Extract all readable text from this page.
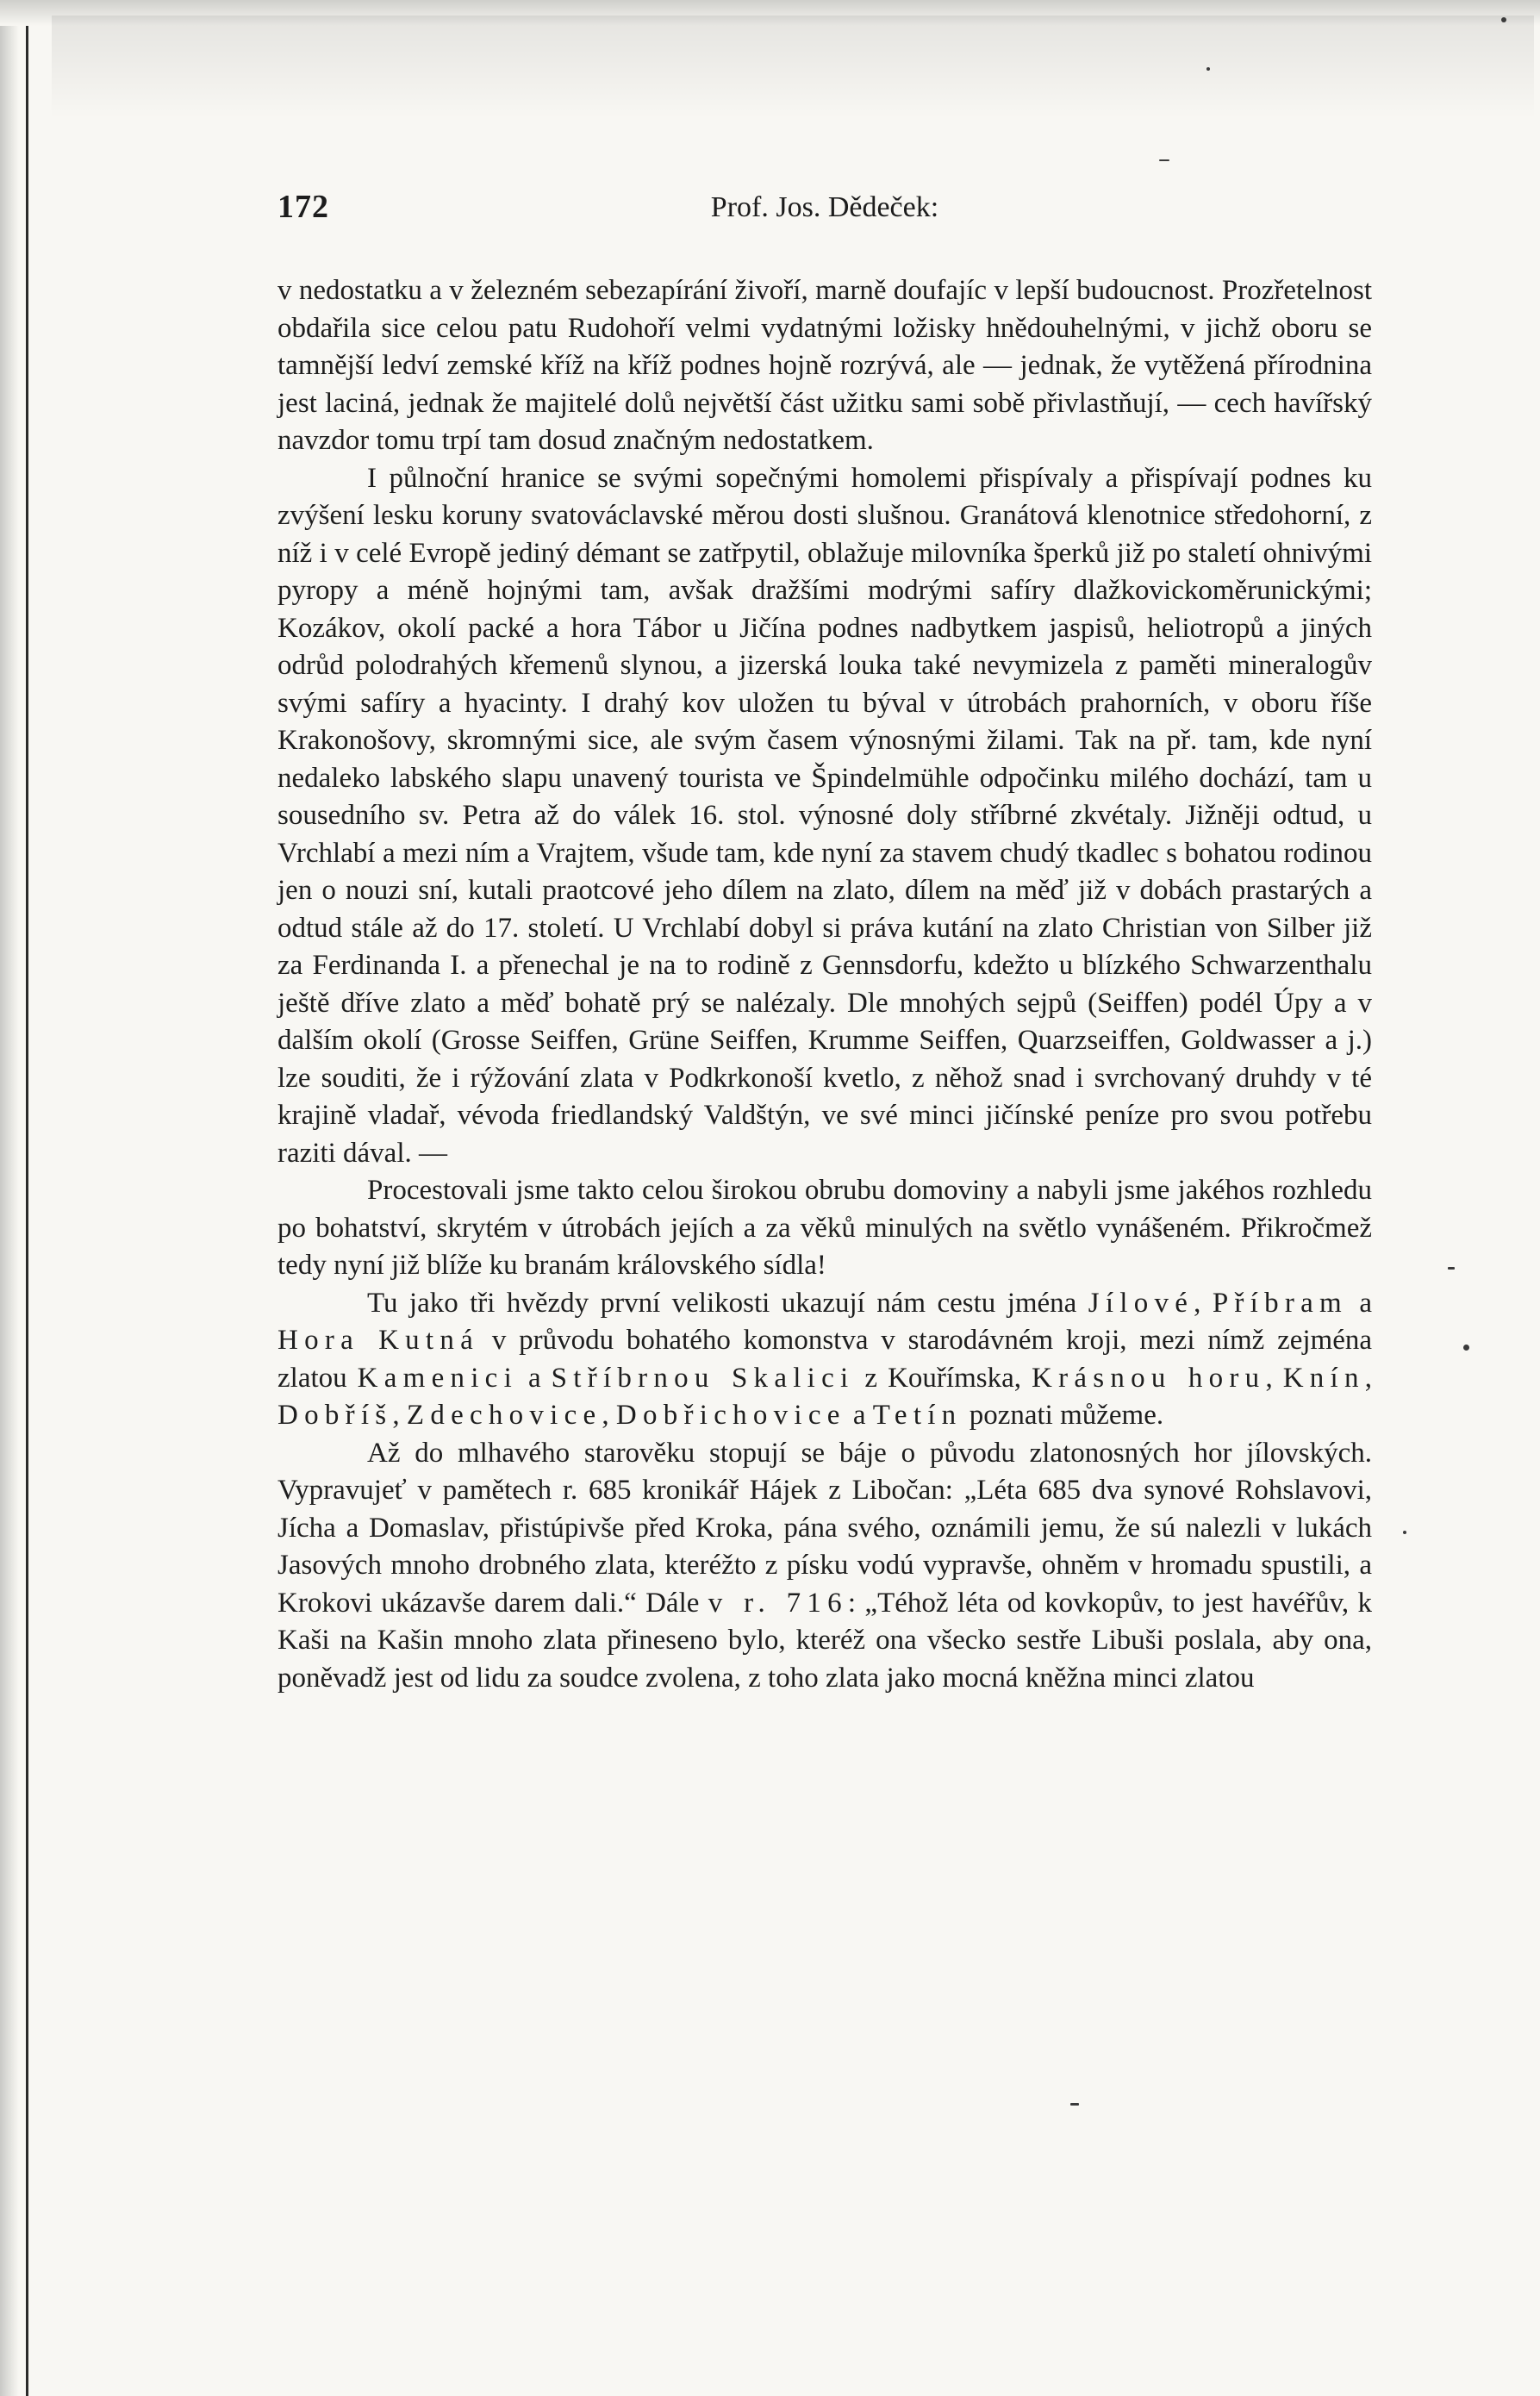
172	Prof. Jos. Dědeček:

v nedostatku a v železném sebezapírání živoří, marně doufajíc v lepší budoucnost. Prozřetelnost obdařila sice celou patu Rudohoří velmi vydatnými ložisky hnědouhelnými, v jichž oboru se tamnější ledví zemské kříž na kříž podnes hojně rozrývá, ale — jednak, že vytěžená přírodnina jest laciná, jednak že majitelé dolů největší část užitku sami sobě přivlastňují, — cech havířský navzdor tomu trpí tam dosud značným nedostatkem.

I půlnoční hranice se svými sopečnými homolemi přispívaly a přispívají podnes ku zvýšení lesku koruny svatováclavské měrou dosti slušnou. Granátová klenotnice středohorní, z níž i v celé Evropě jediný démant se zatřpytil, oblažuje milovníka šperků již po staletí ohnivými pyropy a méně hojnými tam, avšak dražšími modrými safíry dlažkovickoměrunickými; Kozákov, okolí packé a hora Tábor u Jičína podnes nadbytkem jaspisů, heliotropů a jiných odrůd polodrahých křemenů slynou, a jizerská louka také nevymizela z paměti mineralogův svými safíry a hyacinty. I drahý kov uložen tu býval v útrobách prahorních, v oboru říše Krakonošovy, skromnými sice, ale svým časem výnosnými žilami. Tak na př. tam, kde nyní nedaleko labského slapu unavený tourista ve Špindelmühle odpočinku milého dochází, tam u sousedního sv. Petra až do válek 16. stol. výnosné doly stříbrné zkvétaly. Jižněji odtud, u Vrchlabí a mezi ním a Vrajtem, všude tam, kde nyní za stavem chudý tkadlec s bohatou rodinou jen o nouzi sní, kutali praotcové jeho dílem na zlato, dílem na měď již v dobách prastarých a odtud stále až do 17. století. U Vrchlabí dobyl si práva kutání na zlato Christian von Silber již za Ferdinanda I. a přenechal je na to rodině z Gennsdorfu, kdežto u blízkého Schwarzenthalu ještě dříve zlato a měď bohatě prý se nalézaly. Dle mnohých sejpů (Seiffen) podél Úpy a v dalším okolí (Grosse Seiffen, Grüne Seiffen, Krumme Seiffen, Quarzseiffen, Goldwasser a j.) lze souditi, že i rýžování zlata v Podkrkonoší kvetlo, z něhož snad i svrchovaný druhdy v té krajině vladař, vévoda friedlandský Valdštýn, ve své minci jičínské peníze pro svou potřebu raziti dával. —

Procestovali jsme takto celou širokou obrubu domoviny a nabyli jsme jakéhos rozhledu po bohatství, skrytém v útrobách jejích a za věků minulých na světlo vynášeném. Přikročmež tedy nyní již blíže ku branám královského sídla!

Tu jako tři hvězdy první velikosti ukazují nám cestu jména Jílové, Příbram a Hora Kutná v průvodu bohatého komonstva v starodávném kroji, mezi nímž zejména zlatou Kamenici a Stříbrnou Skalici z Kouřímska, Krásnou horu, Knín, Dobříš, Zdechovice, Dobřichovice a Tetín poznati můžeme.

Až do mlhavého starověku stopují se báje o původu zlatonosných hor jílovských. Vypravujeť v pamětech r. 685 kronikář Hájek z Libočan: „Léta 685 dva synové Rohslavovi, Jícha a Domaslav, přistúpivše před Kroka, pána svého, oznámili jemu, že sú nalezli v lukách Jasových mnoho drobného zlata, kteréžto z písku vodú vypravše, ohněm v hromadu spustili, a Krokovi ukázavše darem dali.“ Dále v r. 716: „Téhož léta od kovkopův, to jest havéřův, k Kaši na Kašin mnoho zlata přineseno bylo, kteréž ona všecko sestře Libuši poslala, aby ona, poněvadž jest od lidu za soudce zvolena, z toho zlata jako mocná kněžna minci zlatou
